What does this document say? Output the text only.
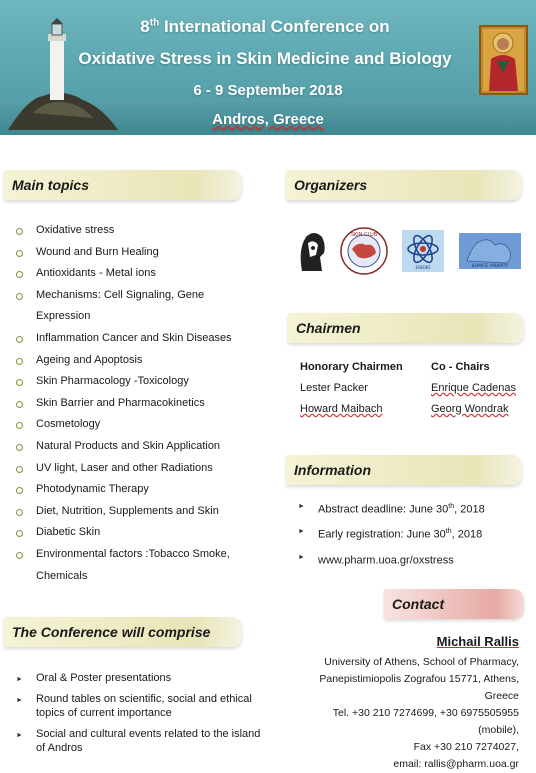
8th International Conference on
Oxidative Stress in Skin Medicine and Biology
6 - 9 September 2018
Andros, Greece
Main topics
Oxidative stress
Wound and Burn Healing
Antioxidants - Metal ions
Mechanisms: Cell Signaling, Gene Expression
Inflammation Cancer and Skin Diseases
Ageing and Apoptosis
Skin Pharmacology -Toxicology
Skin Barrier and Pharmacokinetics
Cosmetology
Natural Products and Skin Application
UV light, Laser and other Radiations
Photodynamic Therapy
Diet, Nutrition, Supplements and Skin
Diabetic Skin
Environmental factors :Tobacco Smoke, Chemicals
The Conference will comprise
► Oral & Poster presentations
► Round tables on scientific, social and ethical topics of current importance
► Social and cultural events related to the island of Andros
Organizers
SKIN CLUB
ΕΘΙΕΦΣ	ΔΗΜΟΣ ΑΝΔΡΟΥ
Chairmen
Honorary Chairmen	Co - Chairs
Lester Packer	Enrique Cadenas
Howard Maibach	Georg Wondrak
Information
► Abstract deadline: June 30th, 2018
► Early registration: June 30th, 2018
► www.pharm.uoa.gr/oxstress
Contact
Michail Rallis
University of Athens, School of Pharmacy,
Panepistimiopolis Zografou 15771, Athens,
Greece
Tel. +30 210 7274699, +30 6975505955
(mobile),
Fax +30 210 7274027,
email: rallis@pharm.uoa.gr
